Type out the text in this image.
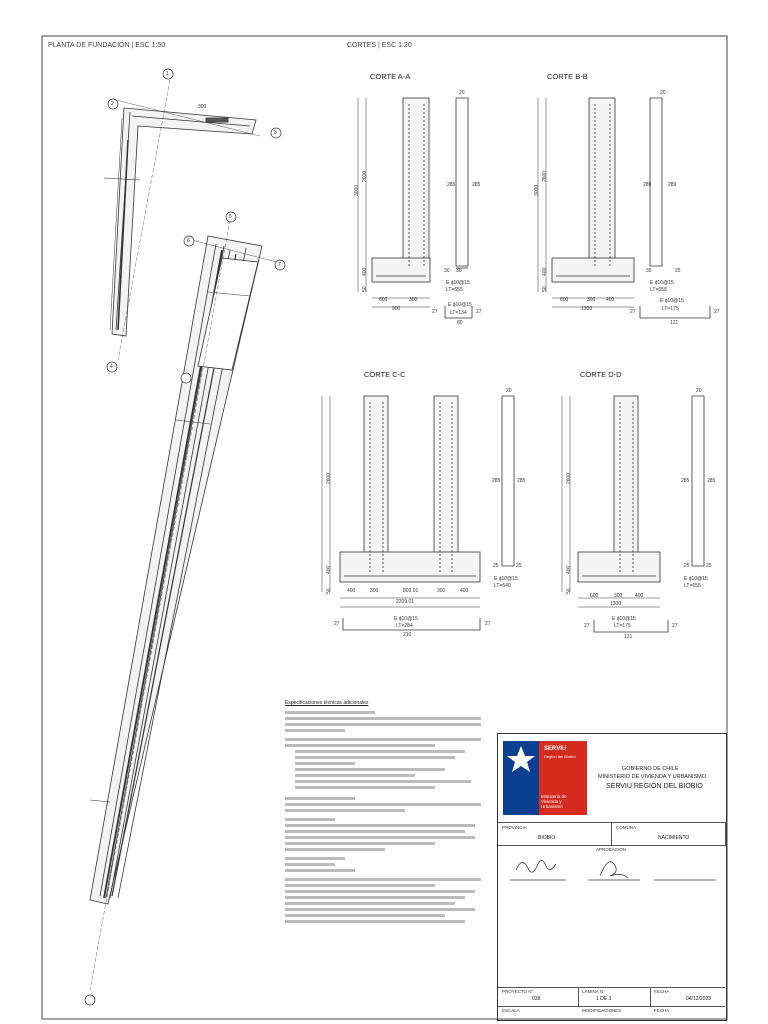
PLANTA DE FUNDACIÓN | ESC 1:50	CORTES | ESC 1:20
1
2
3
4
5
6
7
300
CORTE A-A
3000
2600
400
50
600	300
900
20
285	285
30 30
E ϕ10@15
LT=655
E ϕ10@15
LT=134
80
27	27
CORTE B-B
3000
2600
400
50
600	300 400
1300
20
289	289
35	25
E ϕ10@15
LT=658
E ϕ10@15
LT=175
121
27	27
CORTE C-C
2600
400
50	400	300	809.01	300	400
2209.01
20
285	285
25	25
E ϕ10@15
LT=640
E ϕ10@15
LT=284
210
27	27
CORTE D-D
2600
400
50
600	300	400
1300
20
285	285
25	25
E ϕ10@15
LT=655
E ϕ10@15
LT=175
121
27	27
Especificaciones técnicas adicionales
SERVIU
Región del Biobío
Ministerio de Vivienda y Urbanismo
GOBIERNO DE CHILE
MINISTERIO DE VIVIENDA Y URBANISMO
SERVIU REGIÓN DEL BIOBIO
PROVINCIA
BIOBIO
COMUNA
NACIMIENTO
APROBACION
PROYECTO N°
038
LAMINA N°
1 DE 3
FECHA
04/12/2023
ESCALA	MODIFICACIONES	FECHA
